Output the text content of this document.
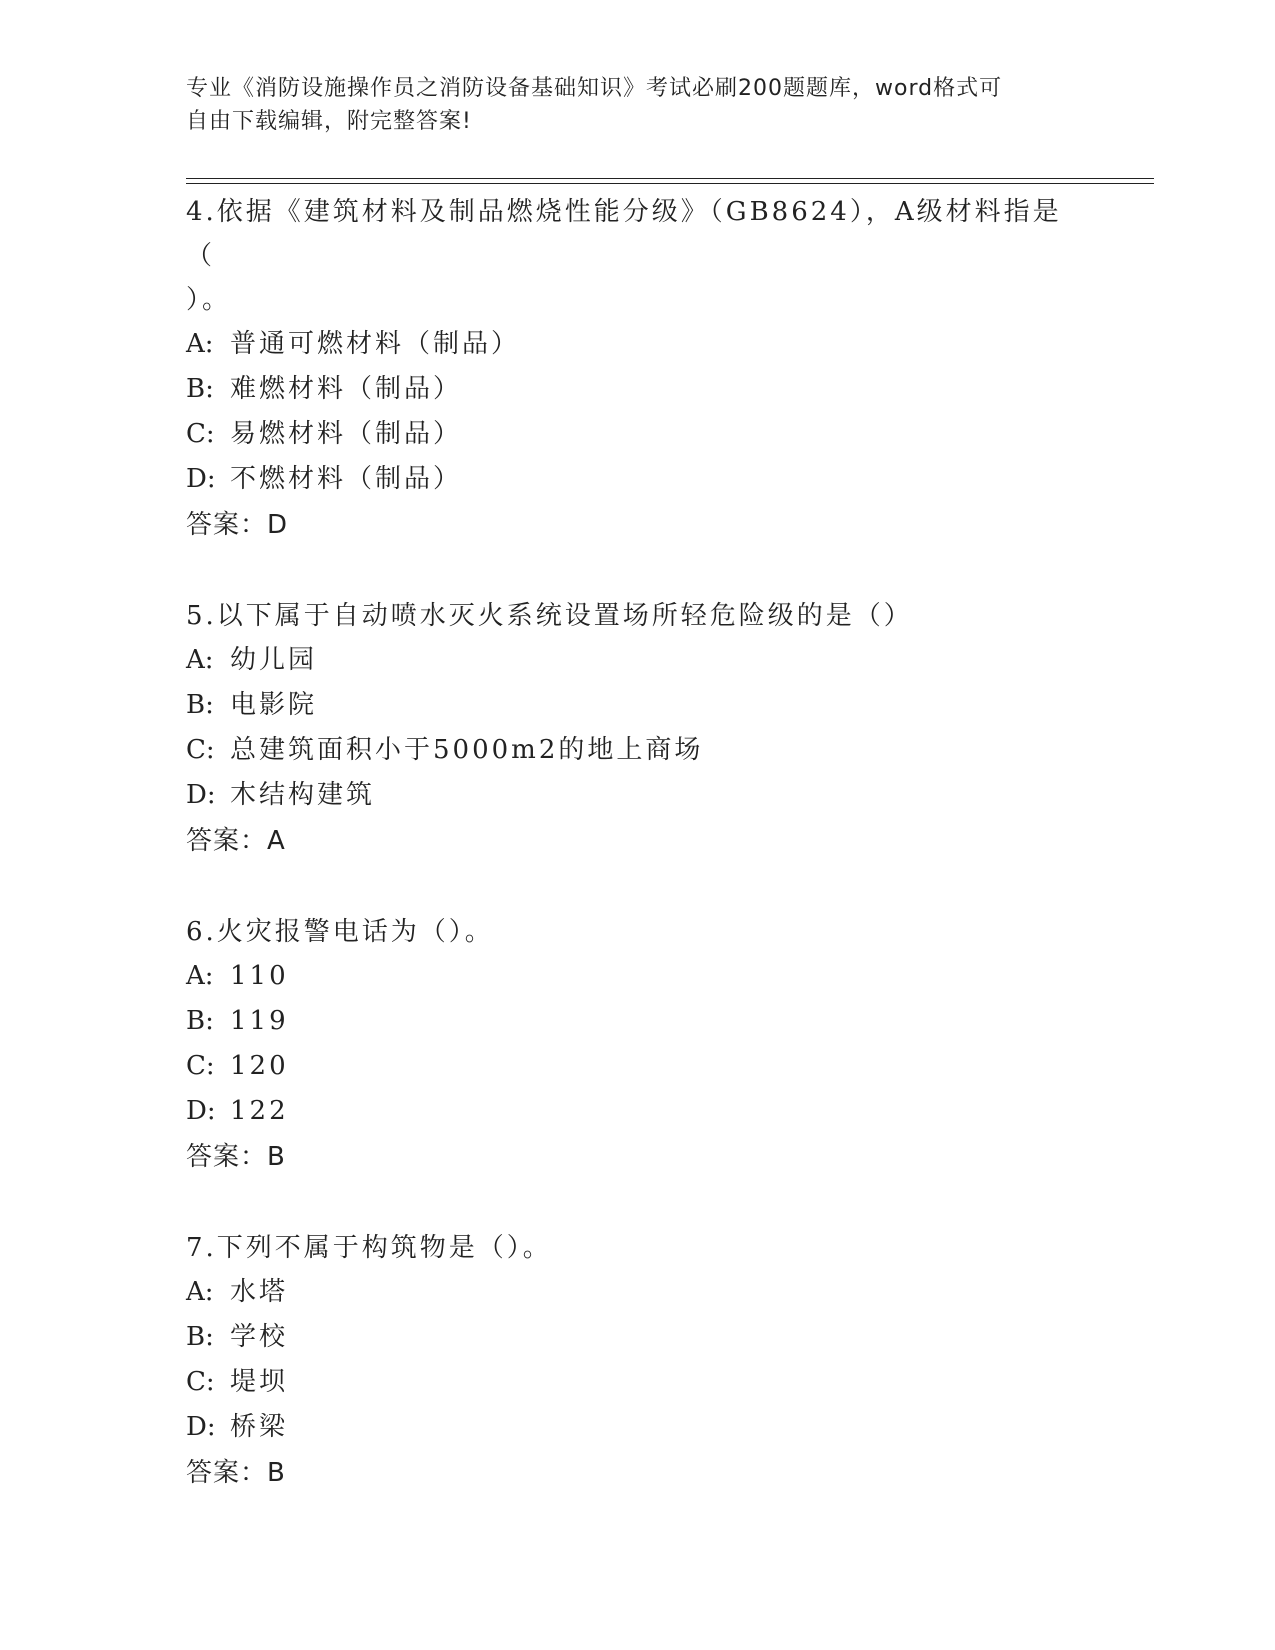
专业《消防设施操作员之消防设备基础知识》考试必刷200题题库，word格式可
自由下载编辑，附完整答案!

4.依据《建筑材料及制品燃烧性能分级》（GB8624），A级材料指是（
）。

A: 普通可燃材料（制品）
B: 难燃材料（制品）
C: 易燃材料（制品）
D: 不燃材料（制品）
答案：D

5.以下属于自动喷水灭火系统设置场所轻危险级的是（）

A: 幼儿园
B: 电影院
C: 总建筑面积小于5000m2的地上商场
D: 木结构建筑
答案：A

6.火灾报警电话为（）。

A: 110
B: 119
C: 120
D: 122
答案：B

7.下列不属于构筑物是（）。

A: 水塔
B: 学校
C: 堤坝
D: 桥梁
答案：B
